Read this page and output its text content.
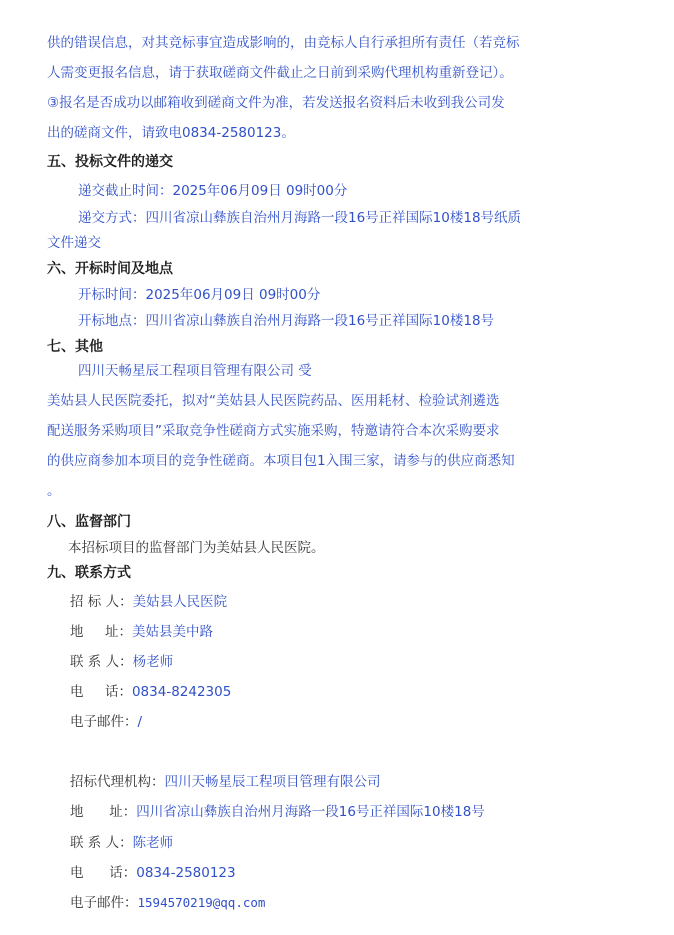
供的错误信息，对其竞标事宜造成影响的，由竞标人自行承担所有责任（若竞标
人需变更报名信息，请于获取磋商文件截止之日前到采购代理机构重新登记）。
③报名是否成功以邮箱收到磋商文件为准，若发送报名资料后未收到我公司发
出的磋商文件，请致电0834-2580123。
五、投标文件的递交
递交截止时间：2025年06月09日 09时00分
递交方式：四川省凉山彝族自治州月海路一段16号正祥国际10楼18号纸质
文件递交
六、开标时间及地点
开标时间：2025年06月09日 09时00分
开标地点：四川省凉山彝族自治州月海路一段16号正祥国际10楼18号
七、其他
四川天畅星辰工程项目管理有限公司 受
美姑县人民医院委托，拟对“美姑县人民医院药品、医用耗材、检验试剂遴选
配送服务采购项目”采取竞争性磋商方式实施采购，特邀请符合本次采购要求
的供应商参加本项目的竞争性磋商。本项目包1入围三家，请参与的供应商悉知
。
八、监督部门
本招标项目的监督部门为美姑县人民医院。
九、联系方式
招 标 人：美姑县人民医院
地     址：美姑县美中路
联 系 人：杨老师
电     话：0834-8242305
电子邮件：/
招标代理机构：四川天畅星辰工程项目管理有限公司
地      址：四川省凉山彝族自治州月海路一段16号正祥国际10楼18号
联 系 人：陈老师
电      话：0834-2580123
电子邮件：1594570219@qq.com
